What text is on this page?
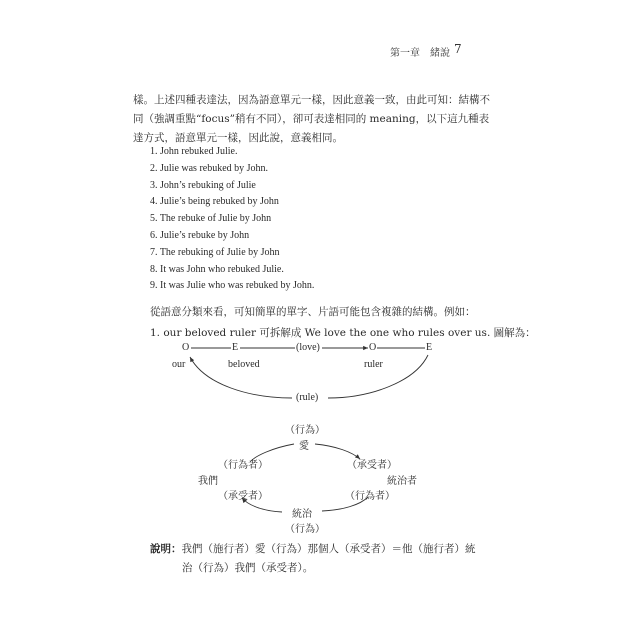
第一章　緒說 7
樣。上述四種表達法，因為語意單元一樣，因此意義一致，由此可知：結構不同（強調重點“focus”稍有不同），卻可表達相同的 meaning，以下這九種表達方式，語意單元一樣，因此說，意義相同。
1. John rebuked Julie.
2. Julie was rebuked by John.
3. John’s rebuking of Julie
4. Julie’s being rebuked by John
5. The rebuke of Julie by John
6. Julie’s rebuke by John
7. The rebuking of Julie by John
8. It was John who rebuked Julie.
9. It was Julie who was rebuked by John.
從語意分類來看，可知簡單的單字、片語可能包含複雜的結構。例如：
1. our beloved ruler 可拆解成 We love the one who rules over us. 圖解為：
O	E	(love)	O	E
our	beloved	ruler
(rule)
（行為）
愛
（行為者）	（承受者）
我們	統治者
（承受者）	（行為者）
統治
（行為）
說明：我們（施行者）愛（行為）那個人（承受者）＝他（施行者）統
治（行為）我們（承受者）。
